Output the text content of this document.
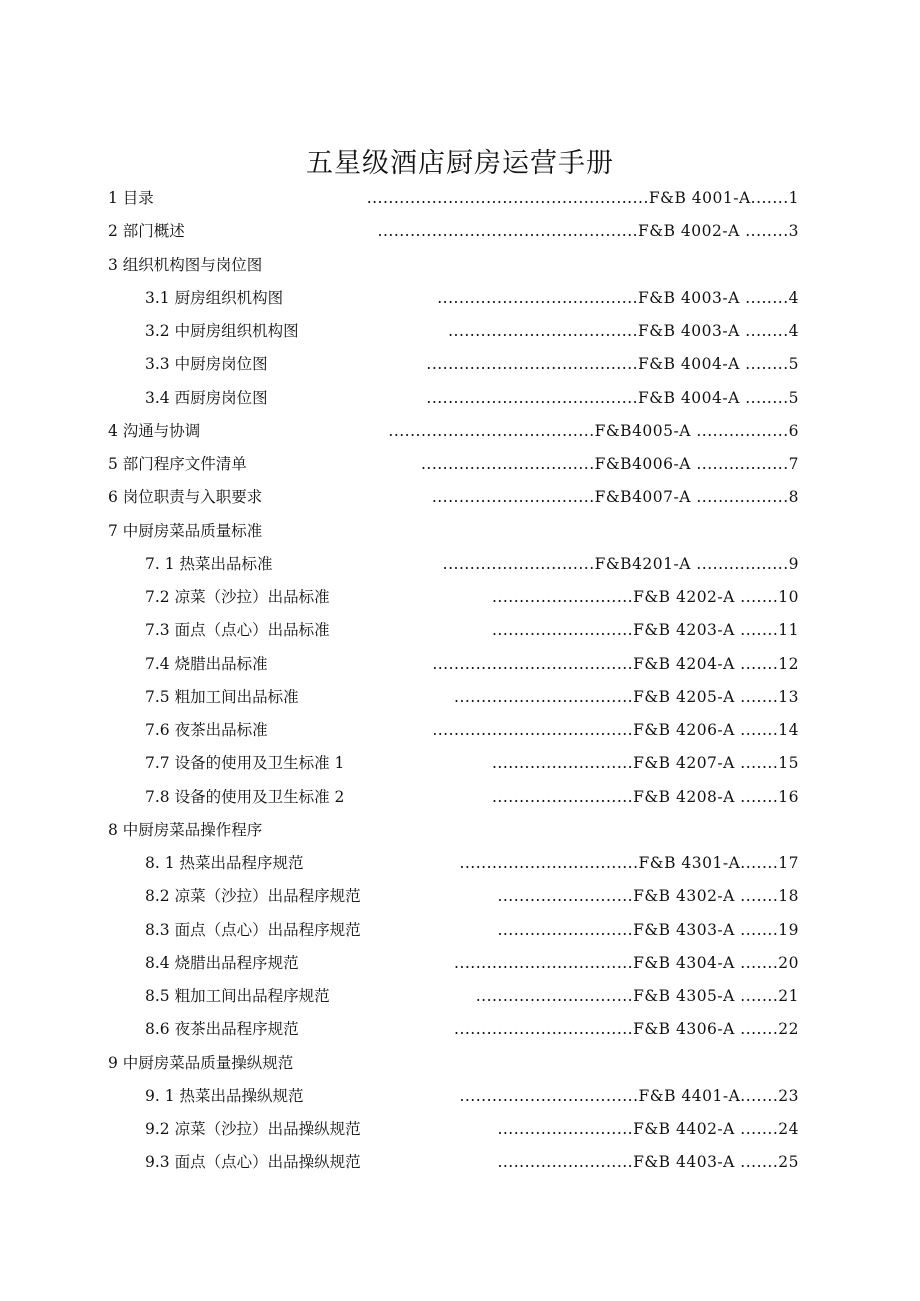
五星级酒店厨房运营手册
1 目录	....................................................F&B 4001-A.......1
2 部门概述	................................................F&B 4002-A ........3
3 组织机构图与岗位图
3.1 厨房组织机构图	.....................................F&B 4003-A ........4
3.2 中厨房组织机构图	...................................F&B 4003-A ........4
3.3 中厨房岗位图	.......................................F&B 4004-A ........5
3.4 西厨房岗位图	.......................................F&B 4004-A ........5
4 沟通与协调	......................................F&B4005-A .................6
5 部门程序文件清单	................................F&B4006-A .................7
6 岗位职责与入职要求	..............................F&B4007-A .................8
7 中厨房菜品质量标准
7. 1 热菜出品标准	............................F&B4201-A .................9
7.2 凉菜（沙拉）出品标准	..........................F&B 4202-A .......10
7.3 面点（点心）出品标准	..........................F&B 4203-A .......11
7.4 烧腊出品标准	.....................................F&B 4204-A .......12
7.5 粗加工间出品标准	.................................F&B 4205-A .......13
7.6 夜茶出品标准	.....................................F&B 4206-A .......14
7.7 设备的使用及卫生标准 1	..........................F&B 4207-A .......15
7.8 设备的使用及卫生标准 2	..........................F&B 4208-A .......16
8 中厨房菜品操作程序
8. 1 热菜出品程序规范	.................................F&B 4301-A.......17
8.2 凉菜（沙拉）出品程序规范	.........................F&B 4302-A .......18
8.3 面点（点心）出品程序规范	.........................F&B 4303-A .......19
8.4 烧腊出品程序规范	.................................F&B 4304-A .......20
8.5 粗加工间出品程序规范	.............................F&B 4305-A .......21
8.6 夜茶出品程序规范	.................................F&B 4306-A .......22
9 中厨房菜品质量操纵规范
9. 1 热菜出品操纵规范	.................................F&B 4401-A.......23
9.2 凉菜（沙拉）出品操纵规范	.........................F&B 4402-A .......24
9.3 面点（点心）出品操纵规范	.........................F&B 4403-A .......25
